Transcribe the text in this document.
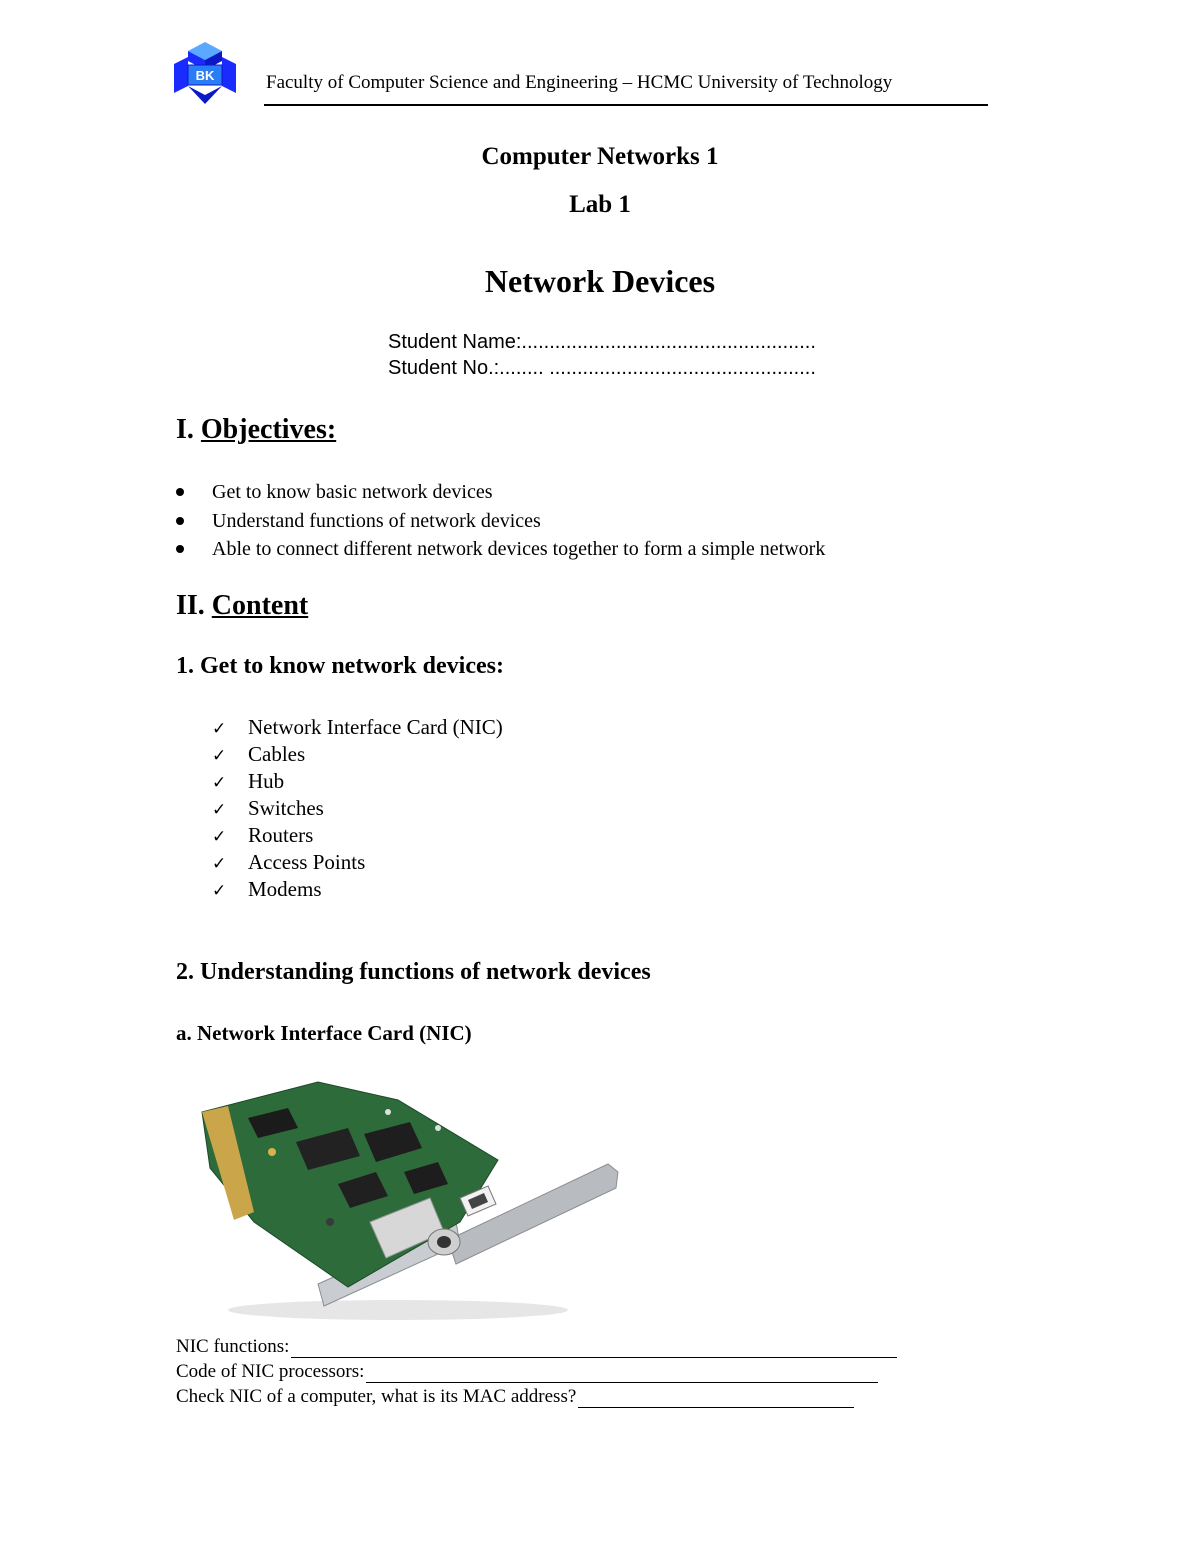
BK	Faculty of Computer Science and Engineering – HCMC University of Technology
Computer Networks 1
Lab 1
Network Devices
Student Name:.....................................................
Student No.:........ ................................................
I. Objectives:
Get to know basic network devices
Understand functions of network devices
Able to connect different network devices together to form a simple network
II. Content
1. Get to know network devices:
✓ Network Interface Card (NIC)
✓ Cables
✓ Hub
✓ Switches
✓ Routers
✓ Access Points
✓ Modems
2. Understanding functions of network devices
a. Network Interface Card (NIC)
NIC functions:
Code of NIC processors:
Check NIC of a computer, what is its MAC address?
